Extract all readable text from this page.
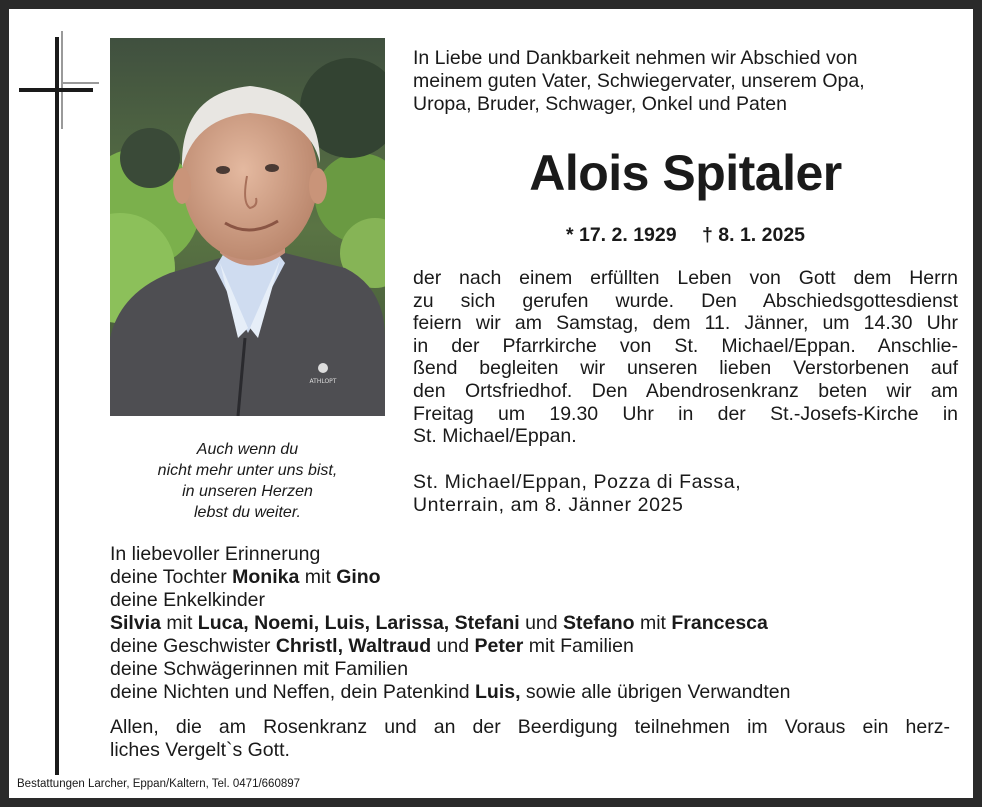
ATHLOPT
Auch wenn du
nicht mehr unter uns bist,
in unseren Herzen
lebst du weiter.
In Liebe und Dankbarkeit nehmen wir Abschied von
meinem guten Vater, Schwiegervater, unserem Opa,
Uropa, Bruder, Schwager, Onkel und Paten
Alois Spitaler
* 17. 2. 1929 † 8. 1. 2025
der nach einem erfüllten Leben von Gott dem Herrn
zu sich gerufen wurde. Den Abschiedsgottesdienst
feiern wir am Samstag, dem 11. Jänner, um 14.30 Uhr
in der Pfarrkirche von St. Michael/Eppan. Anschlie-
ßend begleiten wir unseren lieben Verstorbenen auf
den Ortsfriedhof. Den Abendrosenkranz beten wir am
Freitag um 19.30 Uhr in der St.-Josefs-Kirche in
St. Michael/Eppan.
St. Michael/Eppan, Pozza di Fassa,
Unterrain, am 8. Jänner 2025
In liebevoller Erinnerung
deine Tochter Monika mit Gino
deine Enkelkinder
Silvia mit Luca, Noemi, Luis, Larissa, Stefani und Stefano mit Francesca
deine Geschwister Christl, Waltraud und Peter mit Familien
deine Schwägerinnen mit Familien
deine Nichten und Neffen, dein Patenkind Luis, sowie alle übrigen Verwandten
Allen, die am Rosenkranz und an der Beerdigung teilnehmen im Voraus ein herz-
liches Vergelt`s Gott.
Bestattungen Larcher, Eppan/Kaltern, Tel. 0471/660897
